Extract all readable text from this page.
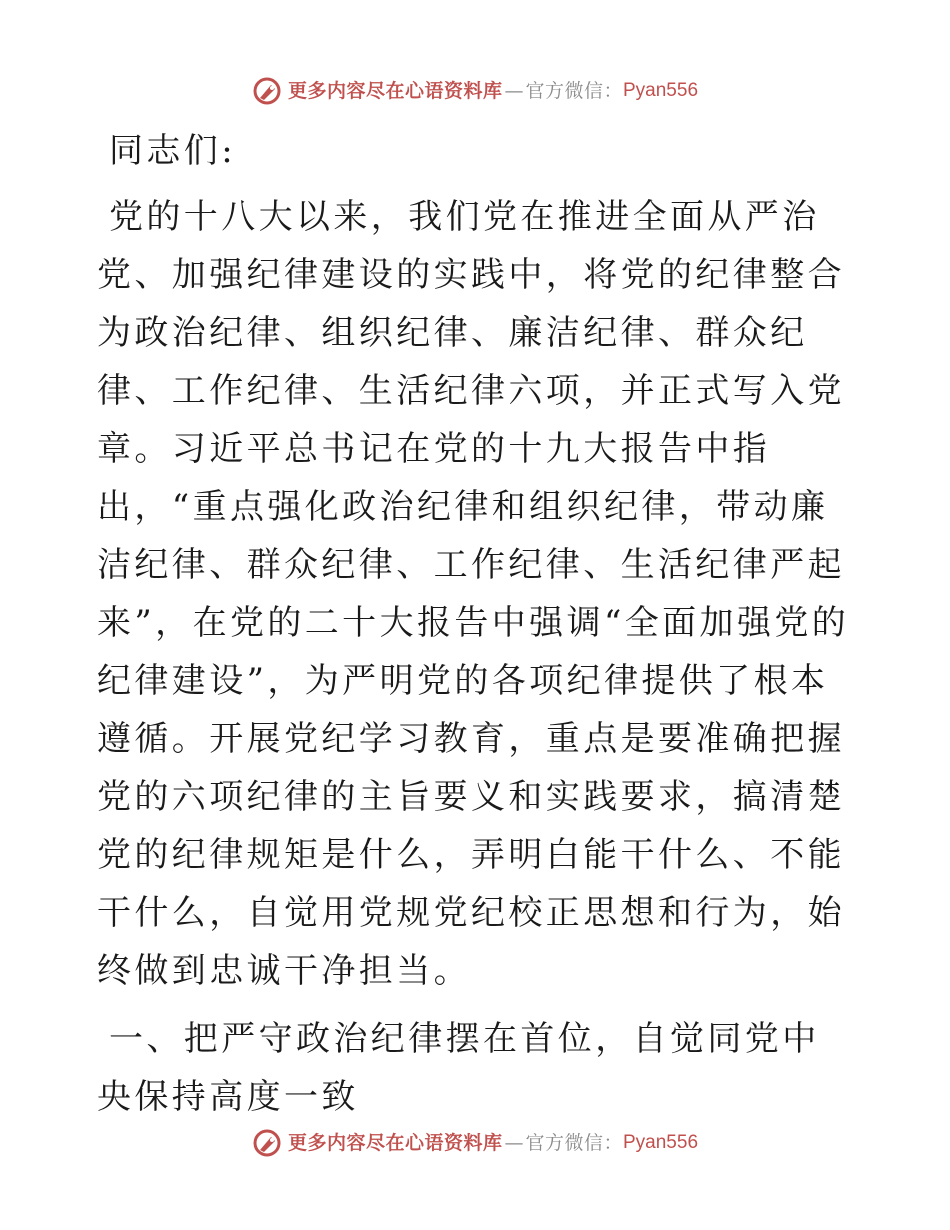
更多内容尽在心语资料库 — 官方微信： Pyan556

同志们:

党的十八大以来，我们党在推进全面从严治党、加强纪律建设的实践中，将党的纪律整合为政治纪律、组织纪律、廉洁纪律、群众纪律、工作纪律、生活纪律六项，并正式写入党章。习近平总书记在党的十九大报告中指出，“重点强化政治纪律和组织纪律，带动廉洁纪律、群众纪律、工作纪律、生活纪律严起来”，在党的二十大报告中强调“全面加强党的纪律建设”，为严明党的各项纪律提供了根本遵循。开展党纪学习教育，重点是要准确把握党的六项纪律的主旨要义和实践要求，搞清楚党的纪律规矩是什么，弄明白能干什么、不能干什么，自觉用党规党纪校正思想和行为，始终做到忠诚干净担当。

一、把严守政治纪律摆在首位，自觉同党中央保持高度一致

更多内容尽在心语资料库 — 官方微信： Pyan556
